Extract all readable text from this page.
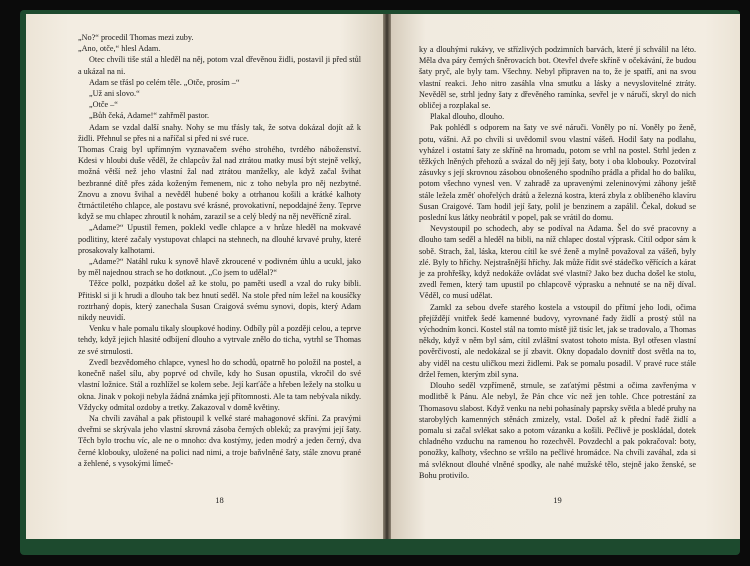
„No?“ procedil Thomas mezi zuby.

„Ano, otče,“ hlesl Adam.

Otec chvíli tiše stál a hleděl na něj, potom vzal dřevěnou židli, postavil ji před stůl a ukázal na ni.

Adam se třásl po celém těle. „Otče, prosím –“

„Už ani slovo.“

„Otče –“

„Bůh čeká, Adame!“ zahřměl pastor.

Adam se vzdal další snahy. Nohy se mu třásly tak, že sotva dokázal dojít až k židli. Přehnul se přes ni a naříčal si před ni své ruce.

Thomas Craig byl upřímným vyznavačem svého strohého, tvrdého náboženství. Kdesi v hloubi duše věděl, že chlapcův žal nad ztrátou matky musí být stejně velký, možná větší než jeho vlastní žal nad ztrátou manželky, ale když začal švihat bezbranné dítě přes záda koženým řemenem, nic z toho nebyla pro něj nezbytné. Znovu a znovu švihal a nevěděl hubené boky a otrhanou košili a krátké kalhoty čtrnáctiletého chlapce, ale postavu své krásné, provokativní, nepoddajné ženy. Teprve když se mu chlapec zhroutil k nohám, zarazil se a celý bledý na něj nevěřícně zíral.

„Adame?“ Upustil řemen, poklekl vedle chlapce a v hrůze hleděl na mokvavé podlitiny, které začaly vystupovat chlapci na stehnech, na dlouhé krvavé pruhy, které prosakovaly kalhotami.

„Adame?“ Natáhl ruku k synově hlavě zkroucené v podivném úhlu a ucukl, jako by měl najednou strach se ho dotknout. „Co jsem to udělal?“

Těžce polkl, pozpátku došel až ke stolu, po paměti usedl a vzal do ruky bibli. Přitiskl si ji k hrudi a dlouho tak bez hnutí seděl. Na stole před ním ležel na kousíčky roztrhaný dopis, který zanechala Susan Craigová svému synovi, dopis, který Adam nikdy neuvidí.

Venku v hale pomalu tikaly sloupkové hodiny. Odbíly půl a později celou, a teprve tehdy, když jejich hlasité odbíjení dlouho a vytrvale znělo do ticha, vytrhl se Thomas ze své strnulosti.

Zvedl bezvědomého chlapce, vynesl ho do schodů, opatrně ho položil na postel, a konečně našel sílu, aby poprvé od chvíle, kdy ho Susan opustila, vkročil do své vlastní ložnice. Stál a rozhlížel se kolem sebe. Její karťáče a hřeben ležely na stolku u okna. Jinak v pokoji nebyla žádná známka její přítomnosti. Ale ta tam nebývala nikdy. Vždycky odmítal ozdoby a tretky. Zakazoval v domě květiny.

Na chvíli zaváhal a pak přistoupil k velké staré mahagonové skříni. Za pravými dveřmi se skrývala jeho vlastní skrovná zásoba černých obleků; za pravými její šaty. Těch bylo trochu víc, ale ne o mnoho: dva kostýmy, jeden modrý a jeden černý, dva černé klobouky, uložené na polici nad nimi, a troje baňvlněné šaty, stále znovu prané a žehlené, s vysokými límeč-

18

ky a dlouhými rukávy, ve střízlivých podzimních barvách, které jí schválil na léto. Měla dva páry černých šněrovacích bot. Otevřel dveře skříně v očekávání, že budou šaty pryč, ale byly tam. Všechny. Nebyl připraven na to, že je spatří, ani na svou vlastní reakci. Jeho nitro zasáhla vlna smutku a lásky a nevyslovitelné ztráty. Nevěděl se, strhl jedny šaty z dřevěného ramínka, sevřel je v náručí, skryl do nich obličej a rozplakal se.

Plakal dlouho, dlouho.

Pak pohlédl s odporem na šaty ve své náruči. Voněly po ní. Voněly po ženě, potu, vášni. Až po chvíli si uvědomil svou vlastní vášeň. Hodil šaty na podlahu, vyházel i ostatní šaty ze skříně na hromadu, potom se vrhl na postel. Strhl jeden z těžkých lněných přehozů a svázal do něj její šaty, boty i oba klobouky. Pozotvíral zásuvky s její skrovnou zásobou obnošeného spodního prádla a přidal ho do balíku, potom všechno vynesl ven. V zahradě za upravenými zeleninovými záhony ještě stále ležela změť ohořelých drátů a železná kostra, která zbyla z oblíbeného klavíru Susan Craigové. Tam hodil její šaty, polil je benzinem a zapálil. Čekal, dokud se poslední kus látky neobrátil v popel, pak se vrátil do domu.

Nevystoupil po schodech, aby se podíval na Adama. Šel do své pracovny a dlouho tam seděl a hleděl na bibli, na níž chlapec dostal výprask. Cítil odpor sám k sobě. Strach, žal, láska, kterou cítil ke své ženě a mylně považoval za vášeň, byly zlé. Byly to hříchy. Nejstrašnější hříchy. Jak může řídit své stádečko věřících a kárat je za prohřešky, když nedokáže ovládat své vlastní? Jako bez ducha došel ke stolu, zvedl řemen, který tam upustil po chlapcově výprasku a nehnuté se na něj díval. Věděl, co musí udělat.

Zamkl za sebou dveře starého kostela a vstoupil do přítmí jeho lodi, očima přejíždějí vnitřek šedé kamenné budovy, vyrovnané řady židlí a prostý stůl na východním konci. Kostel stál na tomto místě již tisíc let, jak se tradovalo, a Thomas někdy, když v něm byl sám, cítil zvláštní svatost tohoto místa. Byl otřesen vlastní pověrčivostí, ale nedokázal se jí zbavit. Okny dopadalo dovnitř dost světla na to, aby viděl na cestu uličkou mezi židlemi. Pak se pomalu posadil. V pravé ruce stále držel řemen, kterým zbil syna.

Dlouho seděl vzpřímeně, strnule, se zaťatými pěstmi a očima zavřenýma v modlitbě k Pánu. Ale nebyl, že Pán chce víc než jen tohle. Chce potrestání za Thomasovu slabost. Když venku na nebi pohasínaly paprsky světla a bledé pruhy na starobylých kamenných stěnách zmizely, vstal. Došel až k přední řadě židlí a pomalu si začal svlékat sako a potom vázanku a košili. Pečlivě je poskládal, dotek chladného vzduchu na ramenou ho rozechvěl. Povzdechl a pak pokračoval: boty, ponožky, kalhoty, všechno se vršilo na pečlivé hromádce. Na chvíli zaváhal, zda si má svléknout dlouhé vlněné spodky, ale nahé mužské tělo, stejně jako ženské, se Bohu protivilo.

19
